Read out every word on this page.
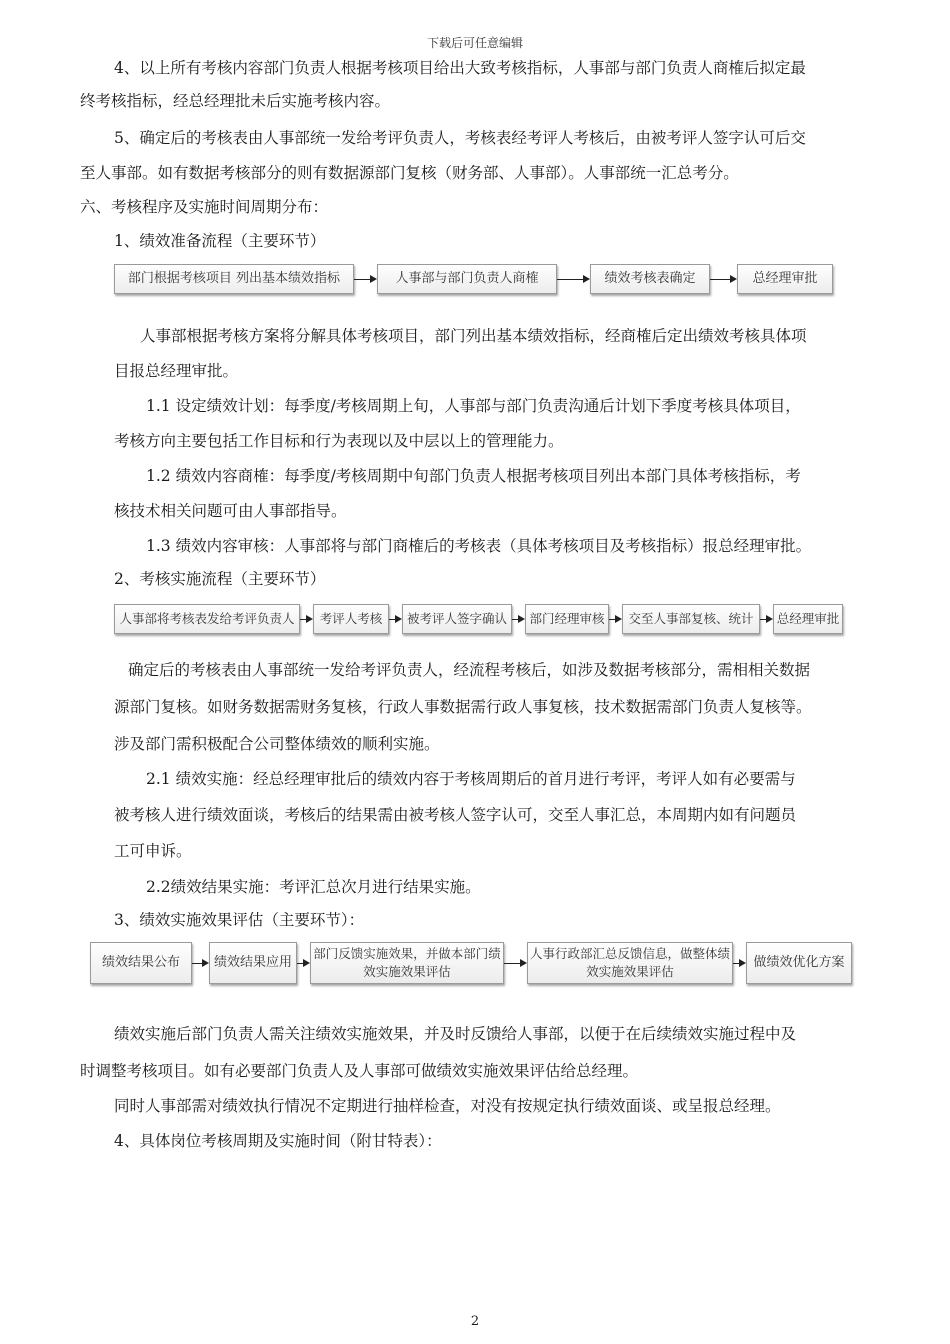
下载后可任意编辑
4、以上所有考核内容部门负责人根据考核项目给出大致考核指标，人事部与部门负责人商榷后拟定最
终考核指标，经总经理批未后实施考核内容。
5、确定后的考核表由人事部统一发给考评负责人，考核表经考评人考核后，由被考评人签字认可后交
至人事部。如有数据考核部分的则有数据源部门复核（财务部、人事部）。人事部统一汇总考分。
六、考核程序及实施时间周期分布：
1、绩效准备流程（主要环节）
部门根据考核项目 列出基本绩效指标	人事部与部门负责人商榷	绩效考核表确定	总经理审批
人事部根据考核方案将分解具体考核项目，部门列出基本绩效指标，经商榷后定出绩效考核具体项
目报总经理审批。
1.1 设定绩效计划：每季度/考核周期上旬，人事部与部门负责沟通后计划下季度考核具体项目，
考核方向主要包括工作目标和行为表现以及中层以上的管理能力。
1.2 绩效内容商榷：每季度/考核周期中旬部门负责人根据考核项目列出本部门具体考核指标，考
核技术相关问题可由人事部指导。
1.3 绩效内容审核：人事部将与部门商榷后的考核表（具体考核项目及考核指标）报总经理审批。
2、考核实施流程（主要环节）
人事部将考核表发给考评负责人	考评人考核	被考评人签字确认	部门经理审核	交至人事部复核、统计	总经理审批
确定后的考核表由人事部统一发给考评负责人，经流程考核后，如涉及数据考核部分，需相相关数据
源部门复核。如财务数据需财务复核，行政人事数据需行政人事复核，技术数据需部门负责人复核等。
涉及部门需积极配合公司整体绩效的顺利实施。
2.1 绩效实施：经总经理审批后的绩效内容于考核周期后的首月进行考评，考评人如有必要需与
被考核人进行绩效面谈，考核后的结果需由被考核人签字认可，交至人事汇总，本周期内如有问题员
工可申诉。
2.2绩效结果实施：考评汇总次月进行结果实施。
3、绩效实施效果评估（主要环节）：
绩效结果公布	绩效结果应用
部门反馈实施效果，并做本部门绩
效实施效果评估
人事行政部汇总反馈信息，做整体绩
效实施效果评估
做绩效优化方案
绩效实施后部门负责人需关注绩效实施效果，并及时反馈给人事部，以便于在后续绩效实施过程中及
时调整考核项目。如有必要部门负责人及人事部可做绩效实施效果评估给总经理。
同时人事部需对绩效执行情况不定期进行抽样检查，对没有按规定执行绩效面谈、或呈报总经理。
4、具体岗位考核周期及实施时间（附甘特表）：
2
